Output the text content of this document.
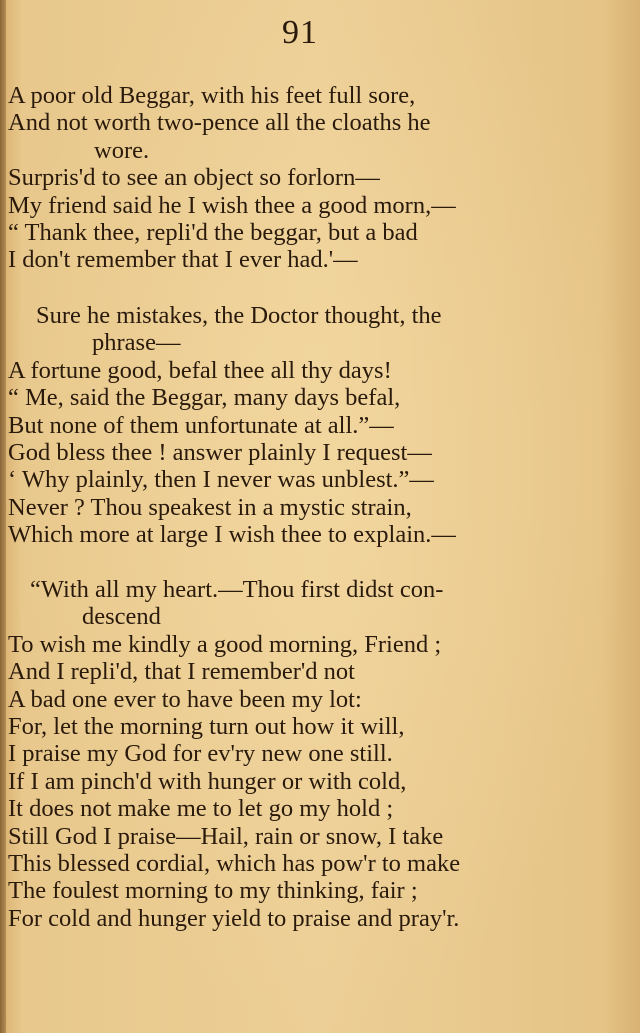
91
A poor old Beggar, with his feet full sore,
And not worth two-pence all the cloaths he
wore.
Surpris'd to see an object so forlorn—
My friend said he I wish thee a good morn,—
“ Thank thee, repli'd the beggar, but a bad
I don't remember that I ever had.'—
Sure he mistakes, the Doctor thought, the
phrase—
A fortune good, befal thee all thy days!
“ Me, said the Beggar, many days befal,
But none of them unfortunate at all.”—
God bless thee ! answer plainly I request—
‘ Why plainly, then I never was unblest.”—
Never ? Thou speakest in a mystic strain,
Which more at large I wish thee to explain.—
“With all my heart.—Thou first didst con-
descend
To wish me kindly a good morning, Friend ;
And I repli'd, that I remember'd not
A bad one ever to have been my lot:
For, let the morning turn out how it will,
I praise my God for ev'ry new one still.
If I am pinch'd with hunger or with cold,
It does not make me to let go my hold ;
Still God I praise—Hail, rain or snow, I take
This blessed cordial, which has pow'r to make
The foulest morning to my thinking, fair ;
For cold and hunger yield to praise and pray'r.
